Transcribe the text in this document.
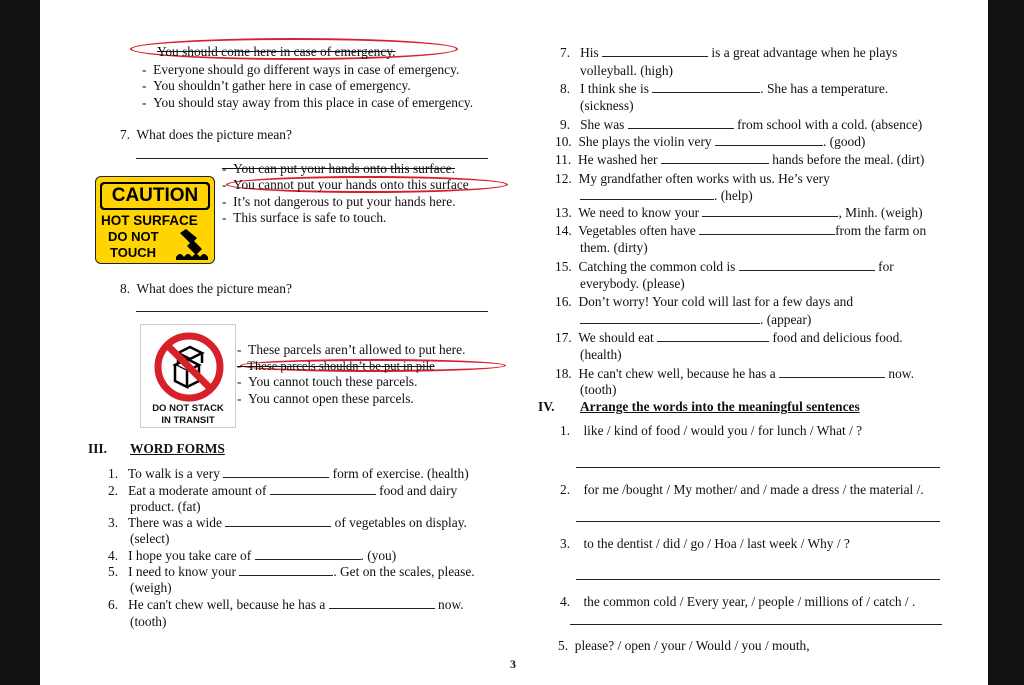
You should come here in case of emergency.
-  Everyone should go different ways in case of emergency.
-  You shouldn’t gather here in case of emergency.
-  You should stay away from this place in case of emergency.
7. What does the picture mean?
-  You can put your hands onto this surface.
-  You cannot put your hands onto this surface
-  It’s not dangerous to put your hands here.
-  This surface is safe to touch.
CAUTION
HOT SURFACE
DO NOT
TOUCH
8. What does the picture mean?
DO NOT STACK
IN TRANSIT
-  These parcels aren’t allowed to put here.
-  These parcels shouldn’t be put in pile
-  You cannot touch these parcels.
-  You cannot open these parcels.
III. WORD FORMS
1. To walk is a very	form of exercise. (health)
2. Eat a moderate amount of	food and dairy
product. (fat)
3. There was a wide	of vegetables on display.
(select)
4. I hope you take care of	. (you)
5. I need to know your	. Get on the scales, please.
(weigh)
6. He can't chew well, because he has a	now.
(tooth)
7. His	is a great advantage when he plays
volleyball. (high)
8. I think she is	. She has a temperature.
(sickness)
9. She was	from school with a cold. (absence)
10. She plays the violin very	. (good)
11. He washed her	hands before the meal. (dirt)
12. My grandfather often works with us. He’s very
. (help)
13. We need to know your	, Minh. (weigh)
14. Vegetables often have	from the farm on
them. (dirty)
15. Catching the common cold is	for
everybody. (please)
16. Don’t worry! Your cold will last for a few days and
. (appear)
17. We should eat	food and delicious food.
(health)
18. He can't chew well, because he has a	now.
(tooth)
IV. Arrange the words into the meaningful sentences
1. like / kind of food / would you / for lunch / What / ?
2. for me /bought / My mother/ and / made a dress / the material /.
3. to the dentist / did / go / Hoa / last week / Why / ?
4. the common cold / Every year, / people / millions of / catch / .
5. please? / open / your / Would / you / mouth,
3
